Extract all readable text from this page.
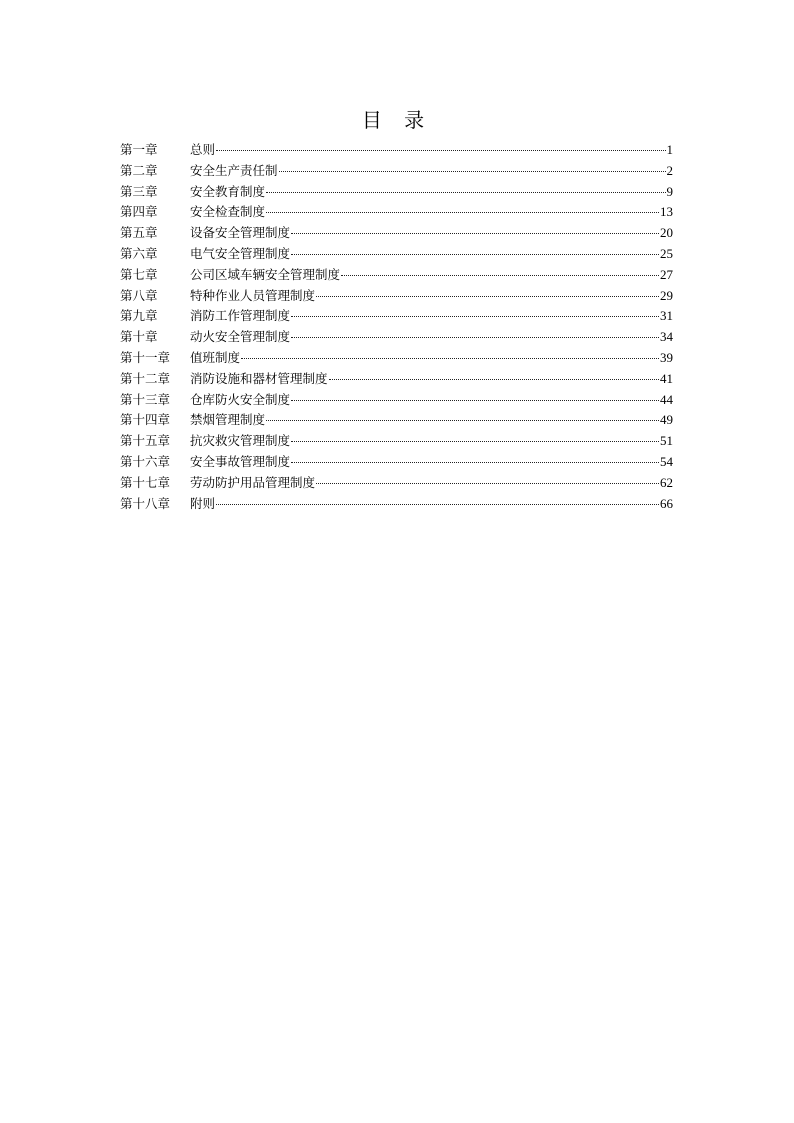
目 录
第一章	总则	1
第二章	安全生产责任制	2
第三章	安全教育制度	9
第四章	安全检查制度	13
第五章	设备安全管理制度	20
第六章	电气安全管理制度	25
第七章	公司区域车辆安全管理制度	27
第八章	特种作业人员管理制度	29
第九章	消防工作管理制度	31
第十章	动火安全管理制度	34
第十一章	值班制度	39
第十二章	消防设施和器材管理制度	41
第十三章	仓库防火安全制度	44
第十四章	禁烟管理制度	49
第十五章	抗灾救灾管理制度	51
第十六章	安全事故管理制度	54
第十七章	劳动防护用品管理制度	62
第十八章	附则	66
